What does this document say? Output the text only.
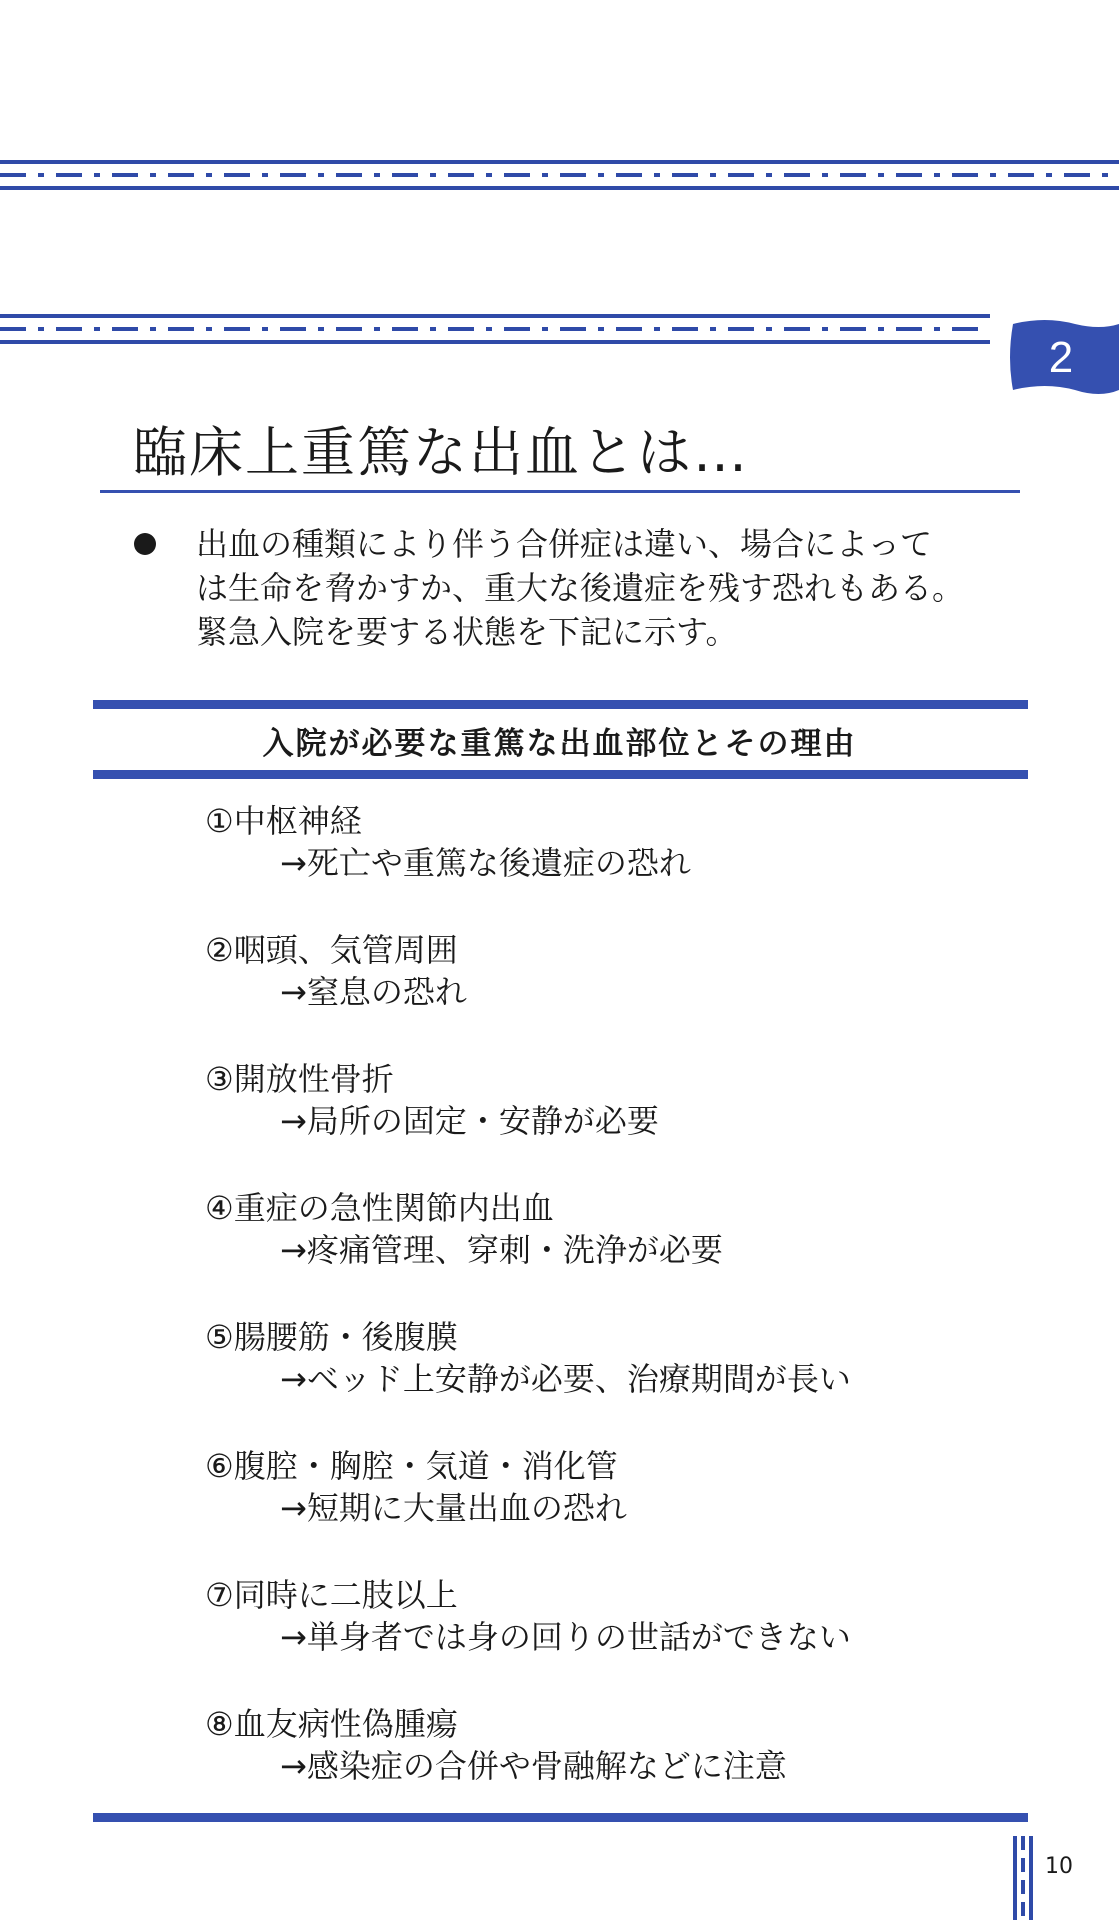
2
臨床上重篤な出血とは…
出血の種類により伴う合併症は違い、場合によって
は生命を脅かすか、重大な後遺症を残す恐れもある。
緊急入院を要する状態を下記に示す。
入院が必要な重篤な出血部位とその理由
①中枢神経
→死亡や重篤な後遺症の恐れ
②咽頭、気管周囲
→窒息の恐れ
③開放性骨折
→局所の固定・安静が必要
④重症の急性関節内出血
→疼痛管理、穿刺・洗浄が必要
⑤腸腰筋・後腹膜
→ベッド上安静が必要、治療期間が長い
⑥腹腔・胸腔・気道・消化管
→短期に大量出血の恐れ
⑦同時に二肢以上
→単身者では身の回りの世話ができない
⑧血友病性偽腫瘍
→感染症の合併や骨融解などに注意
10
